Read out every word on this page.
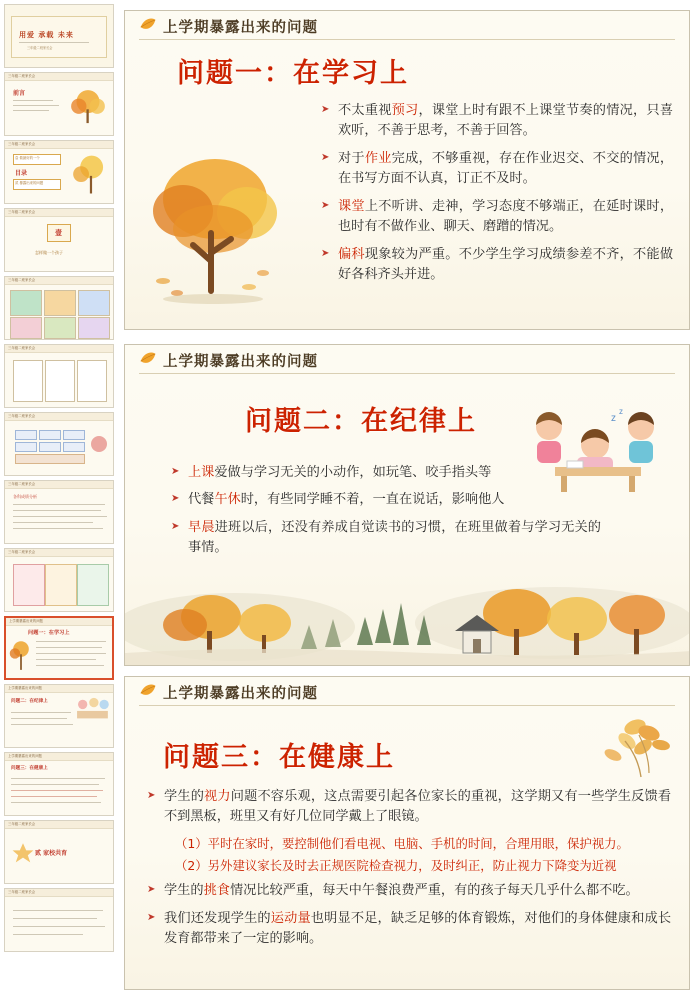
用爱 承载 未来
三年级二班家长会
三年级二班家长会
前言
三年级二班家长会
目录
壹 做最好的一个
贰 暴露出来的问题
三年级二班家长会
壹
怎样做一个孩子
三年级二班家长会
三年级二班家长会
三年级二班家长会
三年级二班家长会
各科成绩分析
三年级二班家长会
上学期暴露出来的问题
问题一：在学习上
上学期暴露出来的问题
问题二：在纪律上
上学期暴露出来的问题
问题三：在健康上
三年级二班家长会
贰 家校共育
三年级二班家长会
上学期暴露出来的问题
问题一：在学习上
➤ 不太重视预习，课堂上时有跟不上课堂节奏的情况，只喜欢听，不善于思考，不善于回答。
➤ 对于作业完成，不够重视，存在作业迟交、不交的情况，在书写方面不认真，订正不及时。
➤ 课堂上不听讲、走神，学习态度不够端正，在延时课时，也时有不做作业、聊天、磨蹭的情况。
➤ 偏科现象较为严重。不少学生学习成绩参差不齐，不能做好各科齐头并进。
上学期暴露出来的问题
问题二：在纪律上	z
z
➤ 上课爱做与学习无关的小动作，如玩笔、咬手指头等
➤ 代餐午休时，有些同学睡不着，一直在说话，影响他人
➤ 早晨进班以后，还没有养成自觉读书的习惯，在班里做着与学习无关的事情。
上学期暴露出来的问题
问题三：在健康上
➤ 学生的视力问题不容乐观，这点需要引起各位家长的重视，这学期又有一些学生反馈看不到黑板，班里又有好几位同学戴上了眼镜。
（1）平时在家时，要控制他们看电视、电脑、手机的时间，合理用眼，保护视力。
（2）另外建议家长及时去正规医院检查视力，及时纠正，防止视力下降变为近视
➤ 学生的挑食情况比较严重，每天中午餐浪费严重，有的孩子每天几乎什么都不吃。
➤ 我们还发现学生的运动量也明显不足，缺乏足够的体育锻炼，对他们的身体健康和成长发育都带来了一定的影响。
